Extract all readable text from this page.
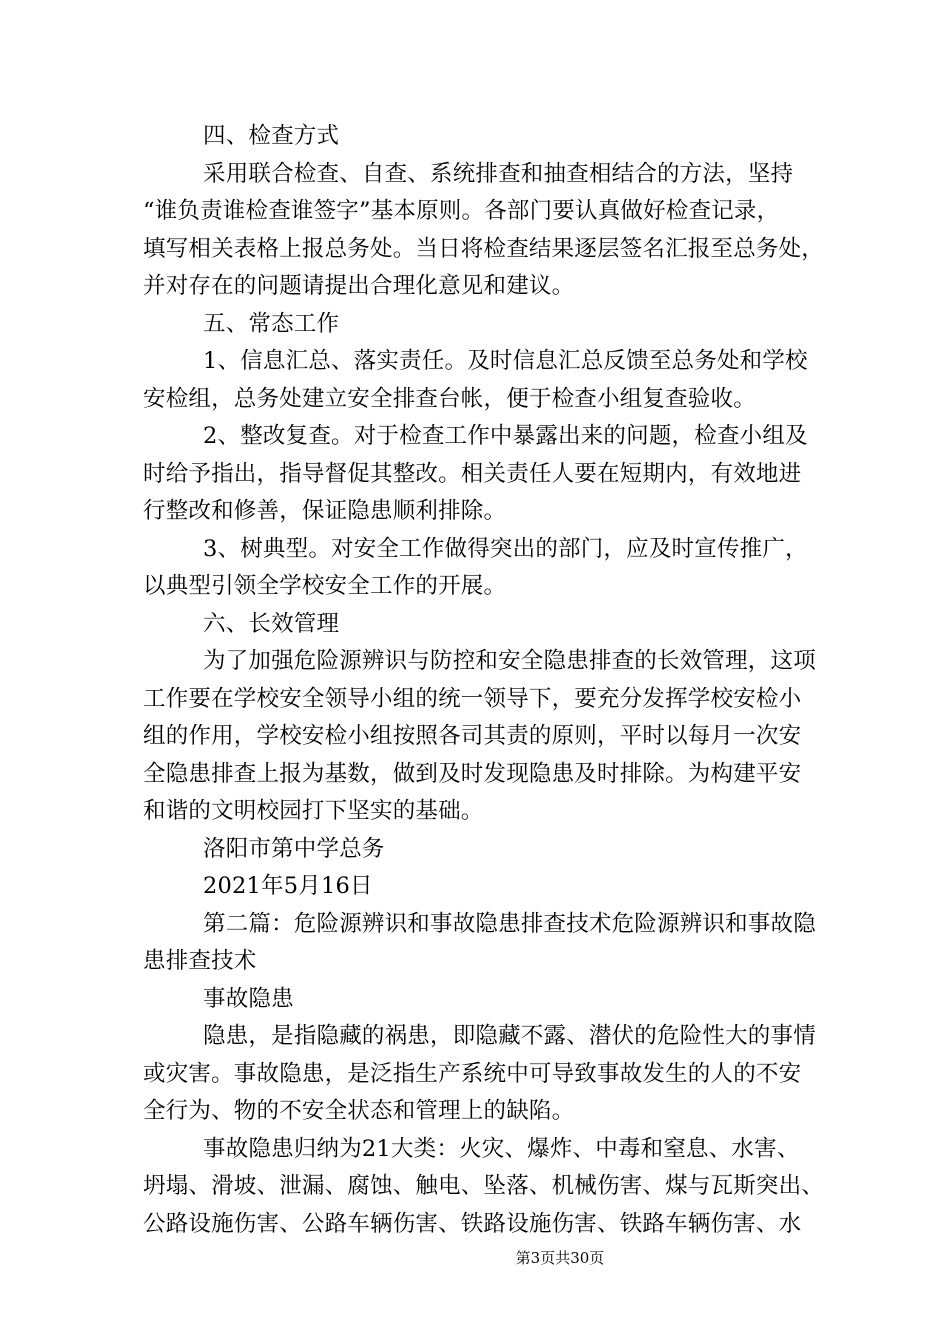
四、检查方式
采用联合检查、自查、系统排查和抽查相结合的方法，坚持
“谁负责谁检查谁签字”基本原则。各部门要认真做好检查记录，
填写相关表格上报总务处。当日将检查结果逐层签名汇报至总务处，
并对存在的问题请提出合理化意见和建议。
五、常态工作
1、信息汇总、落实责任。及时信息汇总反馈至总务处和学校
安检组，总务处建立安全排查台帐，便于检查小组复查验收。
2、整改复查。对于检查工作中暴露出来的问题，检查小组及
时给予指出，指导督促其整改。相关责任人要在短期内，有效地进
行整改和修善，保证隐患顺利排除。
3、树典型。对安全工作做得突出的部门，应及时宣传推广，
以典型引领全学校安全工作的开展。
六、长效管理
为了加强危险源辨识与防控和安全隐患排查的长效管理，这项
工作要在学校安全领导小组的统一领导下，要充分发挥学校安检小
组的作用，学校安检小组按照各司其责的原则，平时以每月一次安
全隐患排查上报为基数，做到及时发现隐患及时排除。为构建平安
和谐的文明校园打下坚实的基础。
洛阳市第中学总务
2021年5月16日
第二篇：危险源辨识和事故隐患排查技术危险源辨识和事故隐
患排查技术
事故隐患
隐患，是指隐藏的祸患，即隐藏不露、潜伏的危险性大的事情
或灾害。事故隐患，是泛指生产系统中可导致事故发生的人的不安
全行为、物的不安全状态和管理上的缺陷。
事故隐患归纳为21大类：火灾、爆炸、中毒和窒息、水害、
坍塌、滑坡、泄漏、腐蚀、触电、坠落、机械伤害、煤与瓦斯突出、
公路设施伤害、公路车辆伤害、铁路设施伤害、铁路车辆伤害、水
第3页共30页
